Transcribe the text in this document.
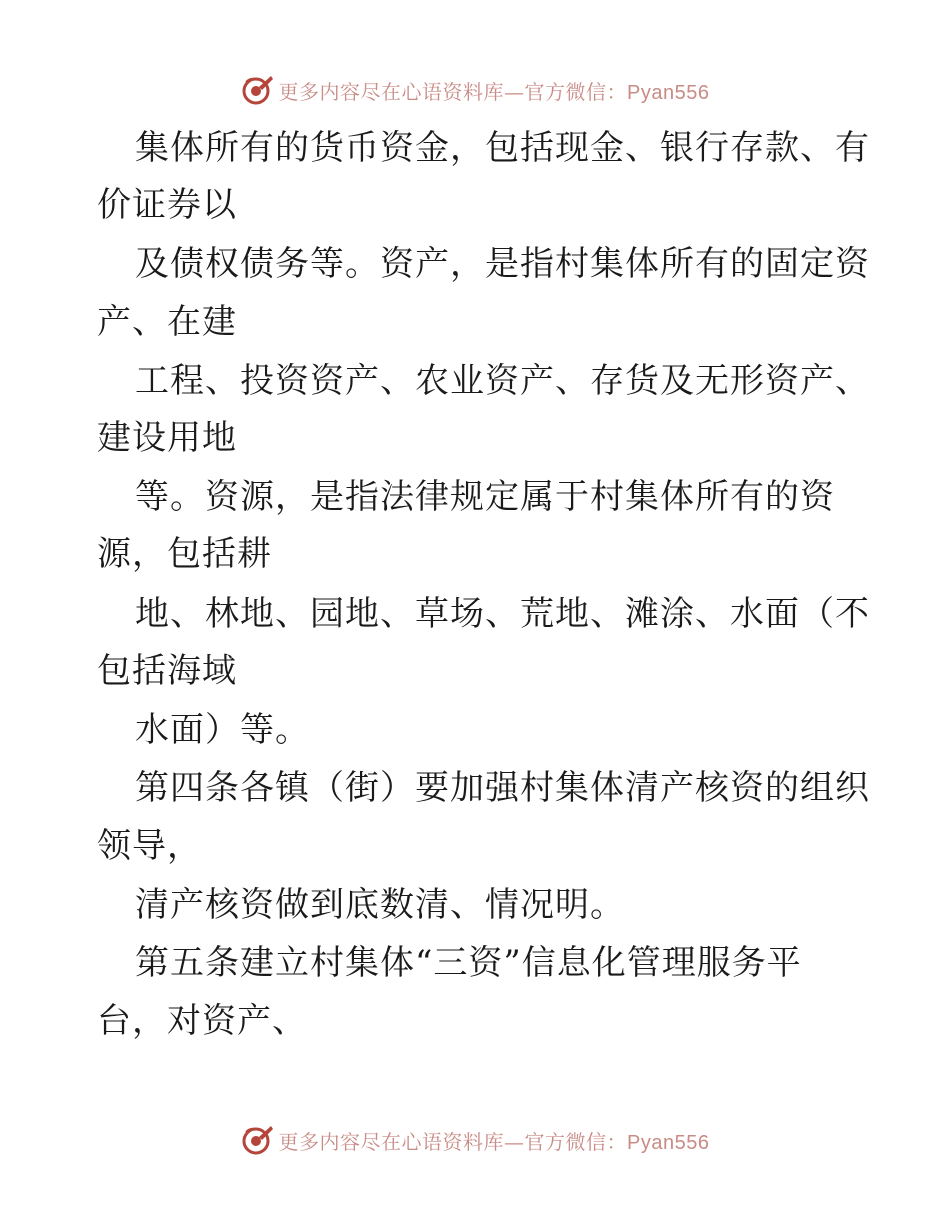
更多内容尽在心语资料库—官方微信：Pyan556
集体所有的货币资金，包括现金、银行存款、有
价证券以
及债权债务等。资产，是指村集体所有的固定资
产、在建
工程、投资资产、农业资产、存货及无形资产、
建设用地
等。资源，是指法律规定属于村集体所有的资
源，包括耕
地、林地、园地、草场、荒地、滩涂、水面（不
包括海域
水面）等。
第四条各镇（街）要加强村集体清产核资的组织
领导，
清产核资做到底数清、情况明。
第五条建立村集体“三资”信息化管理服务平
台，对资产、
更多内容尽在心语资料库—官方微信：Pyan556
